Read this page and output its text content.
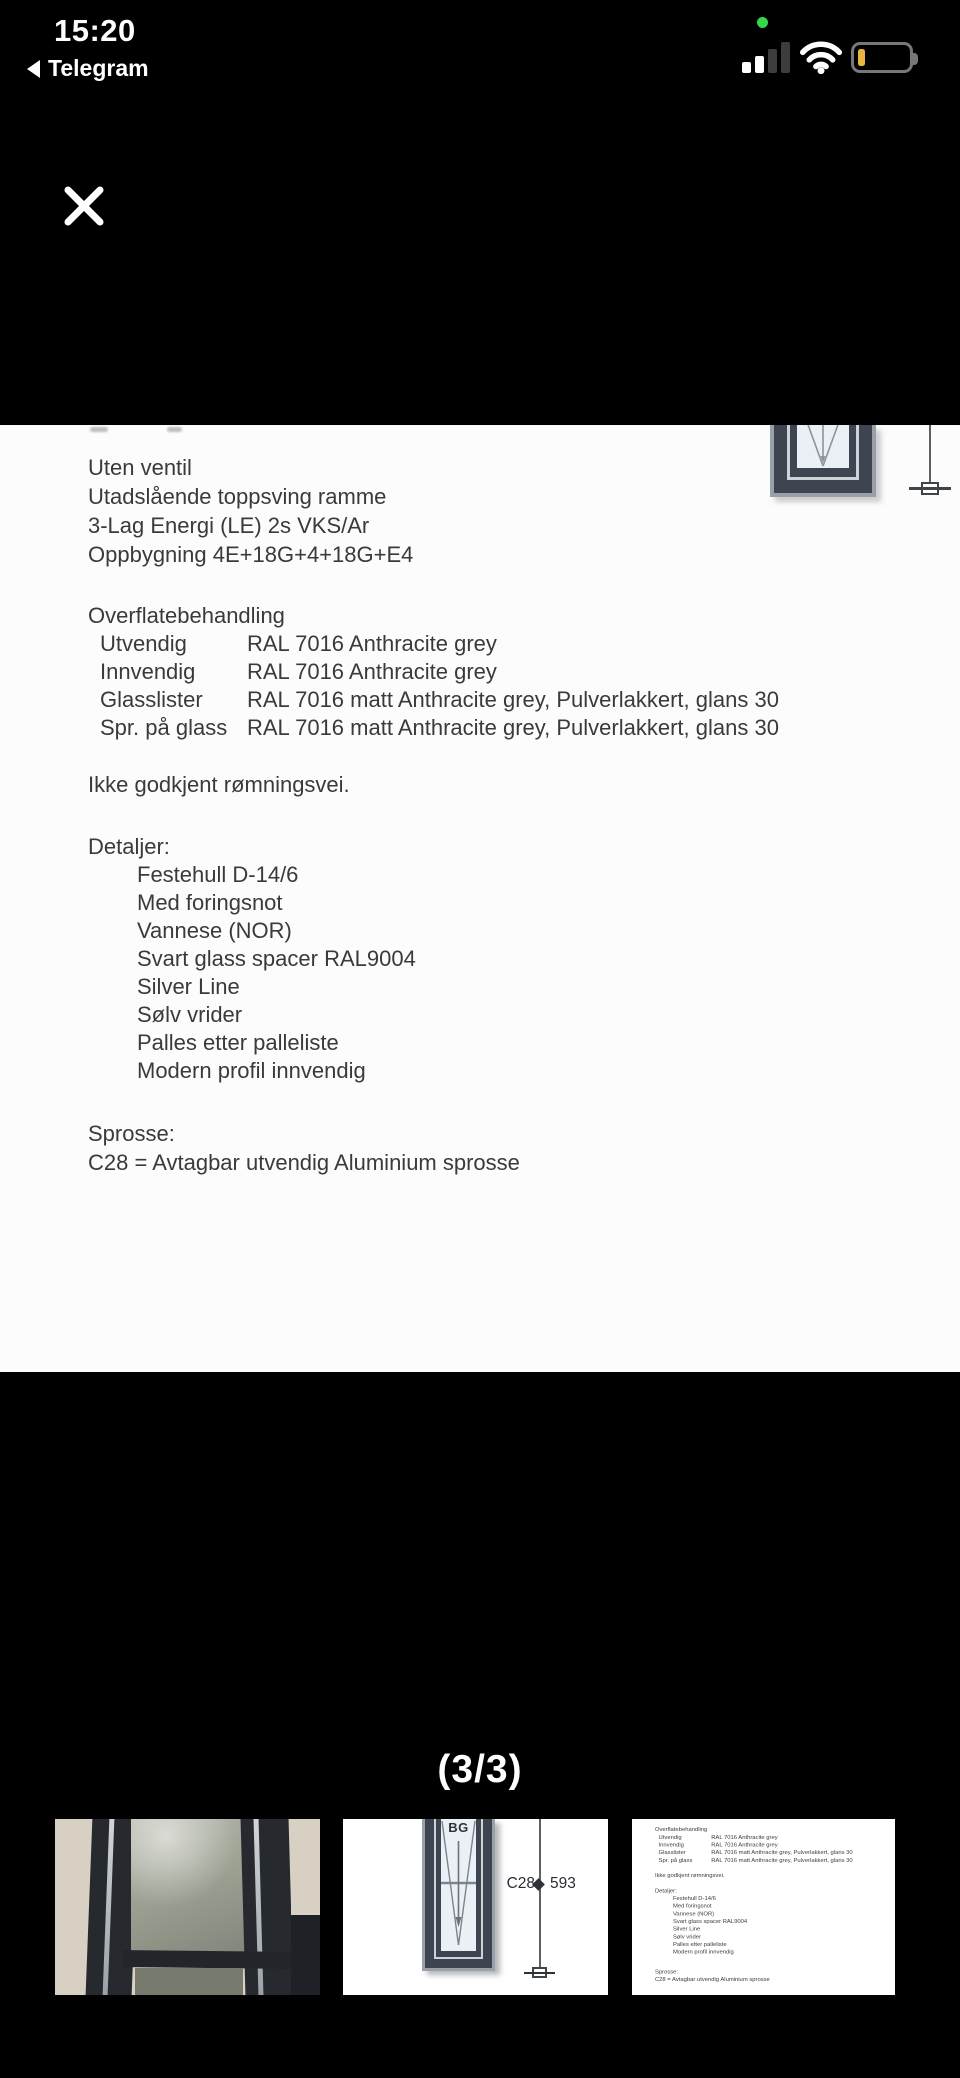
15:20
Telegram
Uten ventil
Utadslående toppsving ramme
3-Lag Energi (LE) 2s VKS/Ar
Oppbygning 4E+18G+4+18G+E4
Overflatebehandling
Utvendig	RAL 7016 Anthracite grey
Innvendig RAL 7016 Anthracite grey
Glasslister RAL 7016 matt Anthracite grey, Pulverlakkert, glans 30
Spr. på glass RAL 7016 matt Anthracite grey, Pulverlakkert, glans 30
Ikke godkjent rømningsvei.
Detaljer:
Festehull D-14/6
Med foringsnot
Vannese (NOR)
Svart glass spacer RAL9004
Silver Line
Sølv vrider
Palles etter palleliste
Modern profil innvendig
Sprosse:
C28 = Avtagbar utvendig Aluminium sprosse
(3/3)
BG
C28 593
Overflatebehandling
Utvendig RAL 7016 Anthracite grey
Innvendig RAL 7016 Anthracite grey
Glasslister RAL 7016 matt Anthracite grey, Pulverlakkert, glans 30
Spr. på glass RAL 7016 matt Anthracite grey, Pulverlakkert, glans 30
Ikke godkjent rømningsvei.
Detaljer:
Festehull D-14/6
Med foringsnot
Vannese (NOR)
Svart glass spacer RAL9004
Silver Line
Sølv vrider
Palles etter palleliste
Modern profil innvendig
Sprosse:
C28 = Avtagbar utvendig Aluminium sprosse
